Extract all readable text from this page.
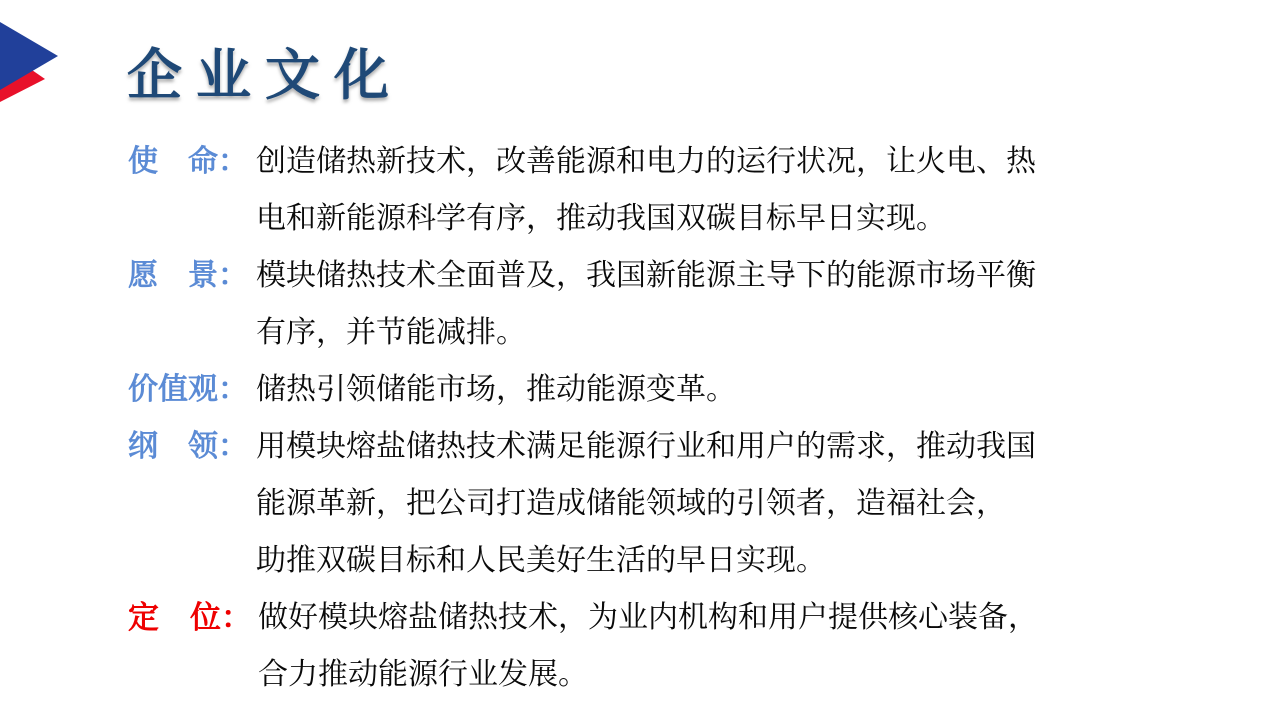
企业文化
使　命： 创造储热新技术，改善能源和电力的运行状况，让火电、热
电和新能源科学有序，推动我国双碳目标早日实现。
愿　景： 模块储热技术全面普及，我国新能源主导下的能源市场平衡
有序，并节能减排。
价值观： 储热引领储能市场，推动能源变革。
纲　领： 用模块熔盐储热技术满足能源行业和用户的需求，推动我国
能源革新，把公司打造成储能领域的引领者，造福社会，
助推双碳目标和人民美好生活的早日实现。
定　位： 做好模块熔盐储热技术，为业内机构和用户提供核心装备，
合力推动能源行业发展。
